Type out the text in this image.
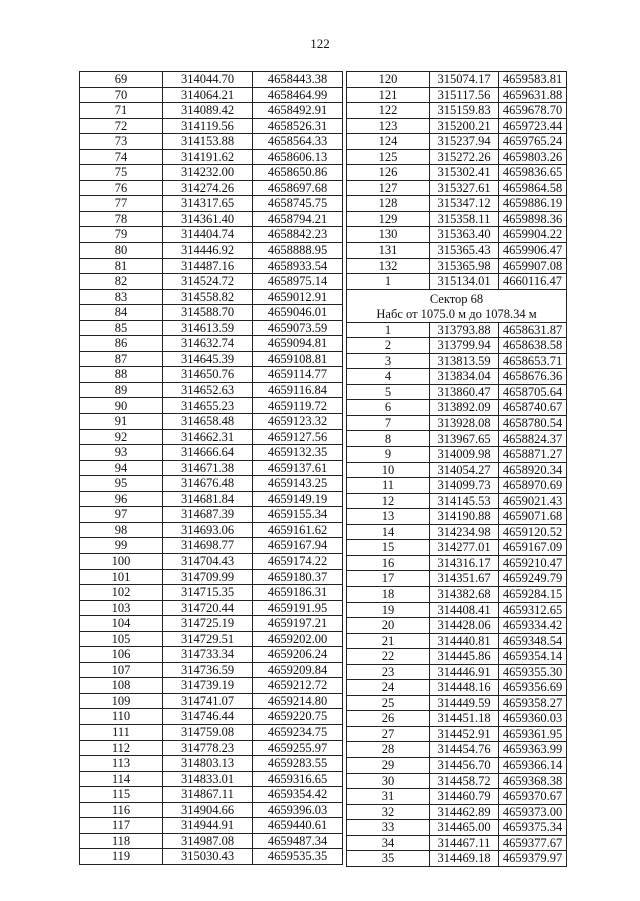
122
69	314044.70	4658443.38
70	314064.21	4658464.99
71	314089.42	4658492.91
72	314119.56	4658526.31
73	314153.88	4658564.33
74	314191.62	4658606.13
75	314232.00	4658650.86
76	314274.26	4658697.68
77	314317.65	4658745.75
78	314361.40	4658794.21
79	314404.74	4658842.23
80	314446.92	4658888.95
81	314487.16	4658933.54
82	314524.72	4658975.14
83	314558.82	4659012.91
84	314588.70	4659046.01
85	314613.59	4659073.59
86	314632.74	4659094.81
87	314645.39	4659108.81
88	314650.76	4659114.77
89	314652.63	4659116.84
90	314655.23	4659119.72
91	314658.48	4659123.32
92	314662.31	4659127.56
93	314666.64	4659132.35
94	314671.38	4659137.61
95	314676.48	4659143.25
96	314681.84	4659149.19
97	314687.39	4659155.34
98	314693.06	4659161.62
99	314698.77	4659167.94
100	314704.43	4659174.22
101	314709.99	4659180.37
102	314715.35	4659186.31
103	314720.44	4659191.95
104	314725.19	4659197.21
105	314729.51	4659202.00
106	314733.34	4659206.24
107	314736.59	4659209.84
108	314739.19	4659212.72
109	314741.07	4659214.80
110	314746.44	4659220.75
111	314759.08	4659234.75
112	314778.23	4659255.97
113	314803.13	4659283.55
114	314833.01	4659316.65
115	314867.11	4659354.42
116	314904.66	4659396.03
117	314944.91	4659440.61
118	314987.08	4659487.34
119	315030.43	4659535.35
120	315074.17	4659583.81
121	315117.56	4659631.88
122	315159.83	4659678.70
123	315200.21	4659723.44
124	315237.94	4659765.24
125	315272.26	4659803.26
126	315302.41	4659836.65
127	315327.61	4659864.58
128	315347.12	4659886.19
129	315358.11	4659898.36
130	315363.40	4659904.22
131	315365.43	4659906.47
132	315365.98	4659907.08
1	315134.01	4660116.47

Сектор 68
Набс от 1075.0 м до 1078.34 м		

1	313793.88	4658631.87
2	313799.94	4658638.58
3	313813.59	4658653.71
4	313834.04	4658676.36
5	313860.47	4658705.64
6	313892.09	4658740.67
7	313928.08	4658780.54
8	313967.65	4658824.37
9	314009.98	4658871.27
10	314054.27	4658920.34
11	314099.73	4658970.69
12	314145.53	4659021.43
13	314190.88	4659071.68
14	314234.98	4659120.52
15	314277.01	4659167.09
16	314316.17	4659210.47
17	314351.67	4659249.79
18	314382.68	4659284.15
19	314408.41	4659312.65
20	314428.06	4659334.42
21	314440.81	4659348.54
22	314445.86	4659354.14
23	314446.91	4659355.30
24	314448.16	4659356.69
25	314449.59	4659358.27
26	314451.18	4659360.03
27	314452.91	4659361.95
28	314454.76	4659363.99
29	314456.70	4659366.14
30	314458.72	4659368.38
31	314460.79	4659370.67
32	314462.89	4659373.00
33	314465.00	4659375.34
34	314467.11	4659377.67
35	314469.18	4659379.97
